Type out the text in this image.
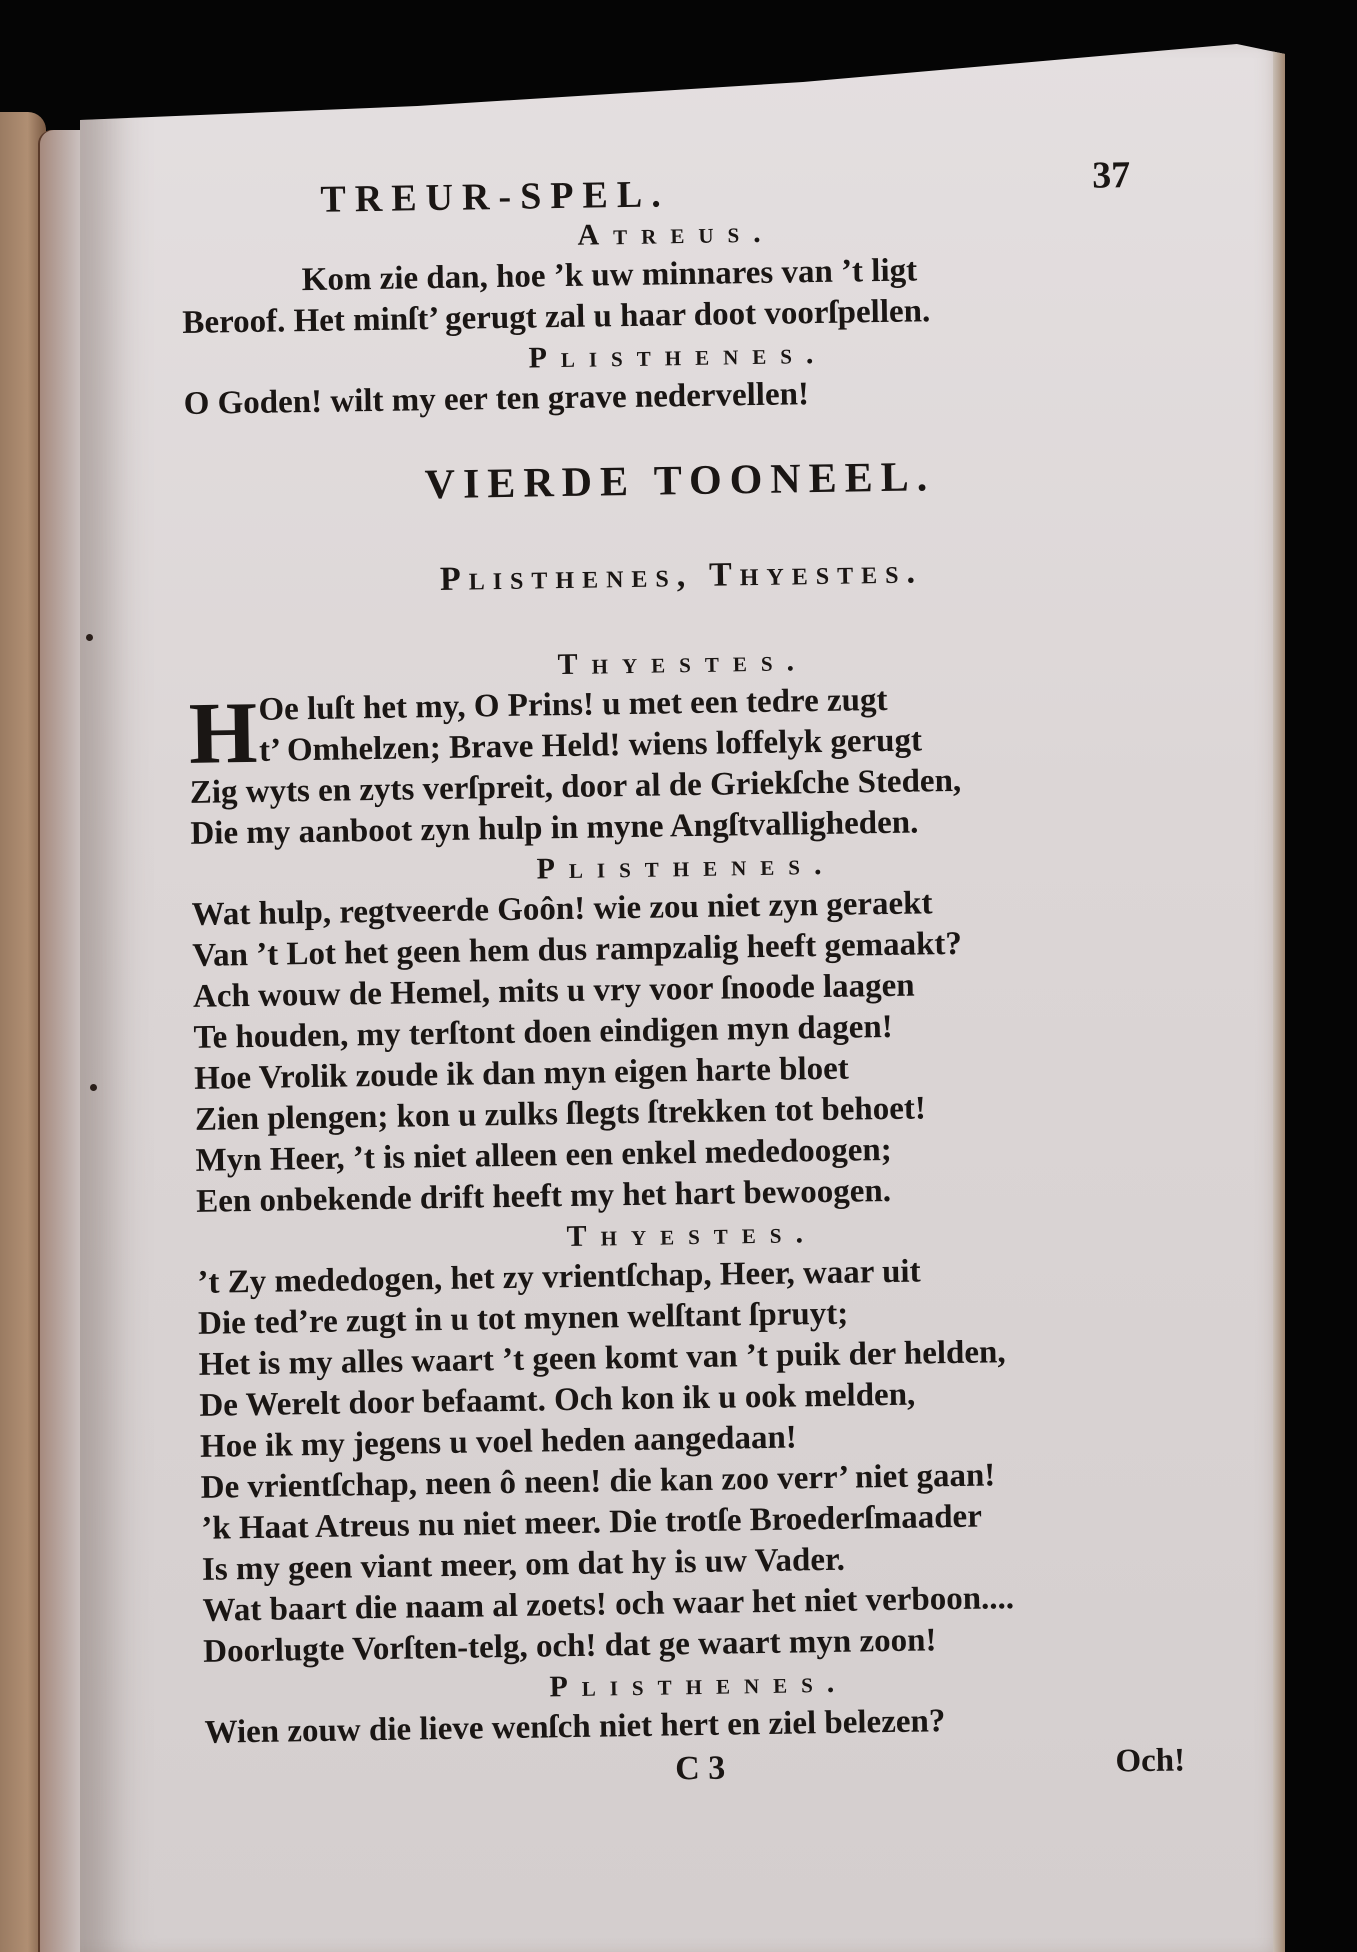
TREUR-SPEL.	37
Atreus.
Kom zie dan, hoe ’k uw minnares van ’t ligt
Beroof. Het minſt’ gerugt zal u haar doot voorſpellen.
Plisthenes.
O Goden! wilt my eer ten grave nedervellen!
VIERDE TOONEEL.
Plisthenes, Thyestes.
Thyestes.
H Oe luſt het my, O Prins! u met een tedre zugt
t’ Omhelzen; Brave Held! wiens loffelyk gerugt
Zig wyts en zyts verſpreit, door al de Griekſche Steden,
Die my aanboot zyn hulp in myne Angſtvalligheden.
Plisthenes.
Wat hulp, regtveerde Goôn! wie zou niet zyn geraekt
Van ’t Lot het geen hem dus rampzalig heeft gemaakt?
Ach wouw de Hemel, mits u vry voor ſnoode laagen
Te houden, my terſtont doen eindigen myn dagen!
Hoe Vrolik zoude ik dan myn eigen harte bloet
Zien plengen; kon u zulks ſlegts ſtrekken tot behoet!
Myn Heer, ’t is niet alleen een enkel mededoogen;
Een onbekende drift heeft my het hart bewoogen.
Thyestes.
’t Zy mededogen, het zy vrientſchap, Heer, waar uit
Die ted’re zugt in u tot mynen welſtant ſpruyt;
Het is my alles waart ’t geen komt van ’t puik der helden,
De Werelt door befaamt. Och kon ik u ook melden,
Hoe ik my jegens u voel heden aangedaan!
De vrientſchap, neen ô neen! die kan zoo verr’ niet gaan!
’k Haat Atreus nu niet meer. Die trotſe Broederſmaader
Is my geen viant meer, om dat hy is uw Vader.
Wat baart die naam al zoets! och waar het niet verboon....
Doorlugte Vorſten-telg, och! dat ge waart myn zoon!
Plisthenes.
Wien zouw die lieve wenſch niet hert en ziel belezen?
C 3	Och!
